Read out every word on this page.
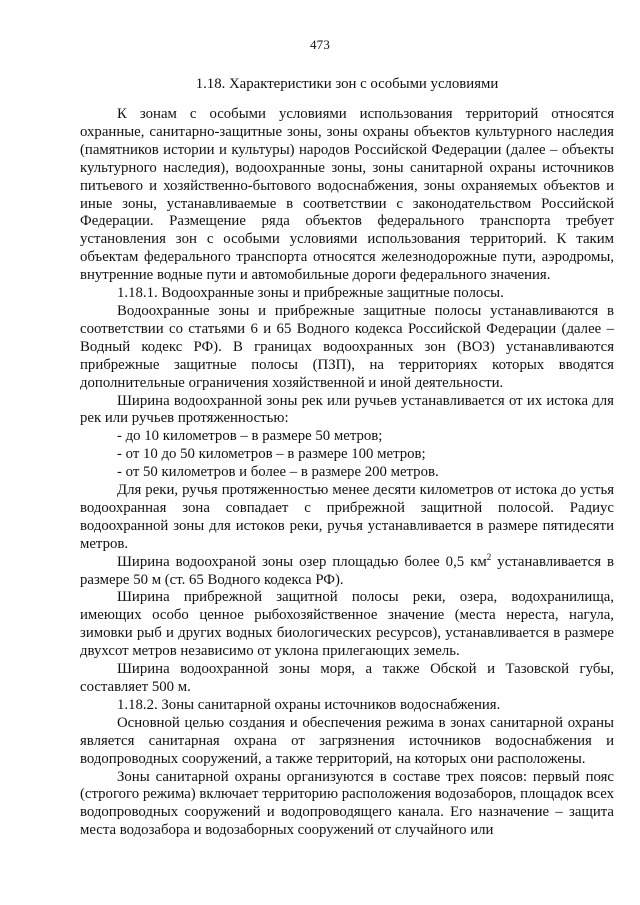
473
1.18. Характеристики зон с особыми условиями

К зонам с особыми условиями использования территорий относятся охранные, санитарно-защитные зоны, зоны охраны объектов культурного наследия (памятников истории и культуры) народов Российской Федерации (далее – объекты культурного наследия), водоохранные зоны, зоны санитарной охраны источников питьевого и хозяйственно-бытового водоснабжения, зоны охраняемых объектов и иные зоны, устанавливаемые в соответствии с законодательством Российской Федерации. Размещение ряда объектов федерального транспорта требует установления зон с особыми условиями использования территорий. К таким объектам федерального транспорта относятся железнодорожные пути, аэродромы, внутренние водные пути и автомобильные дороги федерального значения.

1.18.1. Водоохранные зоны и прибрежные защитные полосы.

Водоохранные зоны и прибрежные защитные полосы устанавливаются в соответствии со статьями 6 и 65 Водного кодекса Российской Федерации (далее – Водный кодекс РФ). В границах водоохранных зон (ВОЗ) устанавливаются прибрежные защитные полосы (ПЗП), на территориях которых вводятся дополнительные ограничения хозяйственной и иной деятельности.

Ширина водоохранной зоны рек или ручьев устанавливается от их истока для рек или ручьев протяженностью:

- до 10 километров – в размере 50 метров;

- от 10 до 50 километров – в размере 100 метров;

- от 50 километров и более – в размере 200 метров.

Для реки, ручья протяженностью менее десяти километров от истока до устья водоохранная зона совпадает с прибрежной защитной полосой. Радиус водоохранной зоны для истоков реки, ручья устанавливается в размере пятидесяти метров.

Ширина водоохраной зоны озер площадью более 0,5 $км^2$ устанавливается в размере 50 м (ст. 65 Водного кодекса РФ).

Ширина прибрежной защитной полосы реки, озера, водохранилища, имеющих особо ценное рыбохозяйственное значение (места нереста, нагула, зимовки рыб и других водных биологических ресурсов), устанавливается в размере двухсот метров независимо от уклона прилегающих земель.

Ширина водоохранной зоны моря, а также Обской и Тазовской губы, составляет 500 м.

1.18.2. Зоны санитарной охраны источников водоснабжения.

Основной целью создания и обеспечения режима в зонах санитарной охраны является санитарная охрана от загрязнения источников водоснабжения и водопроводных сооружений, а также территорий, на которых они расположены.

Зоны санитарной охраны организуются в составе трех поясов: первый пояс (строгого режима) включает территорию расположения водозаборов, площадок всех водопроводных сооружений и водопроводящего канала. Его назначение – защита места водозабора и водозаборных сооружений от случайного или
